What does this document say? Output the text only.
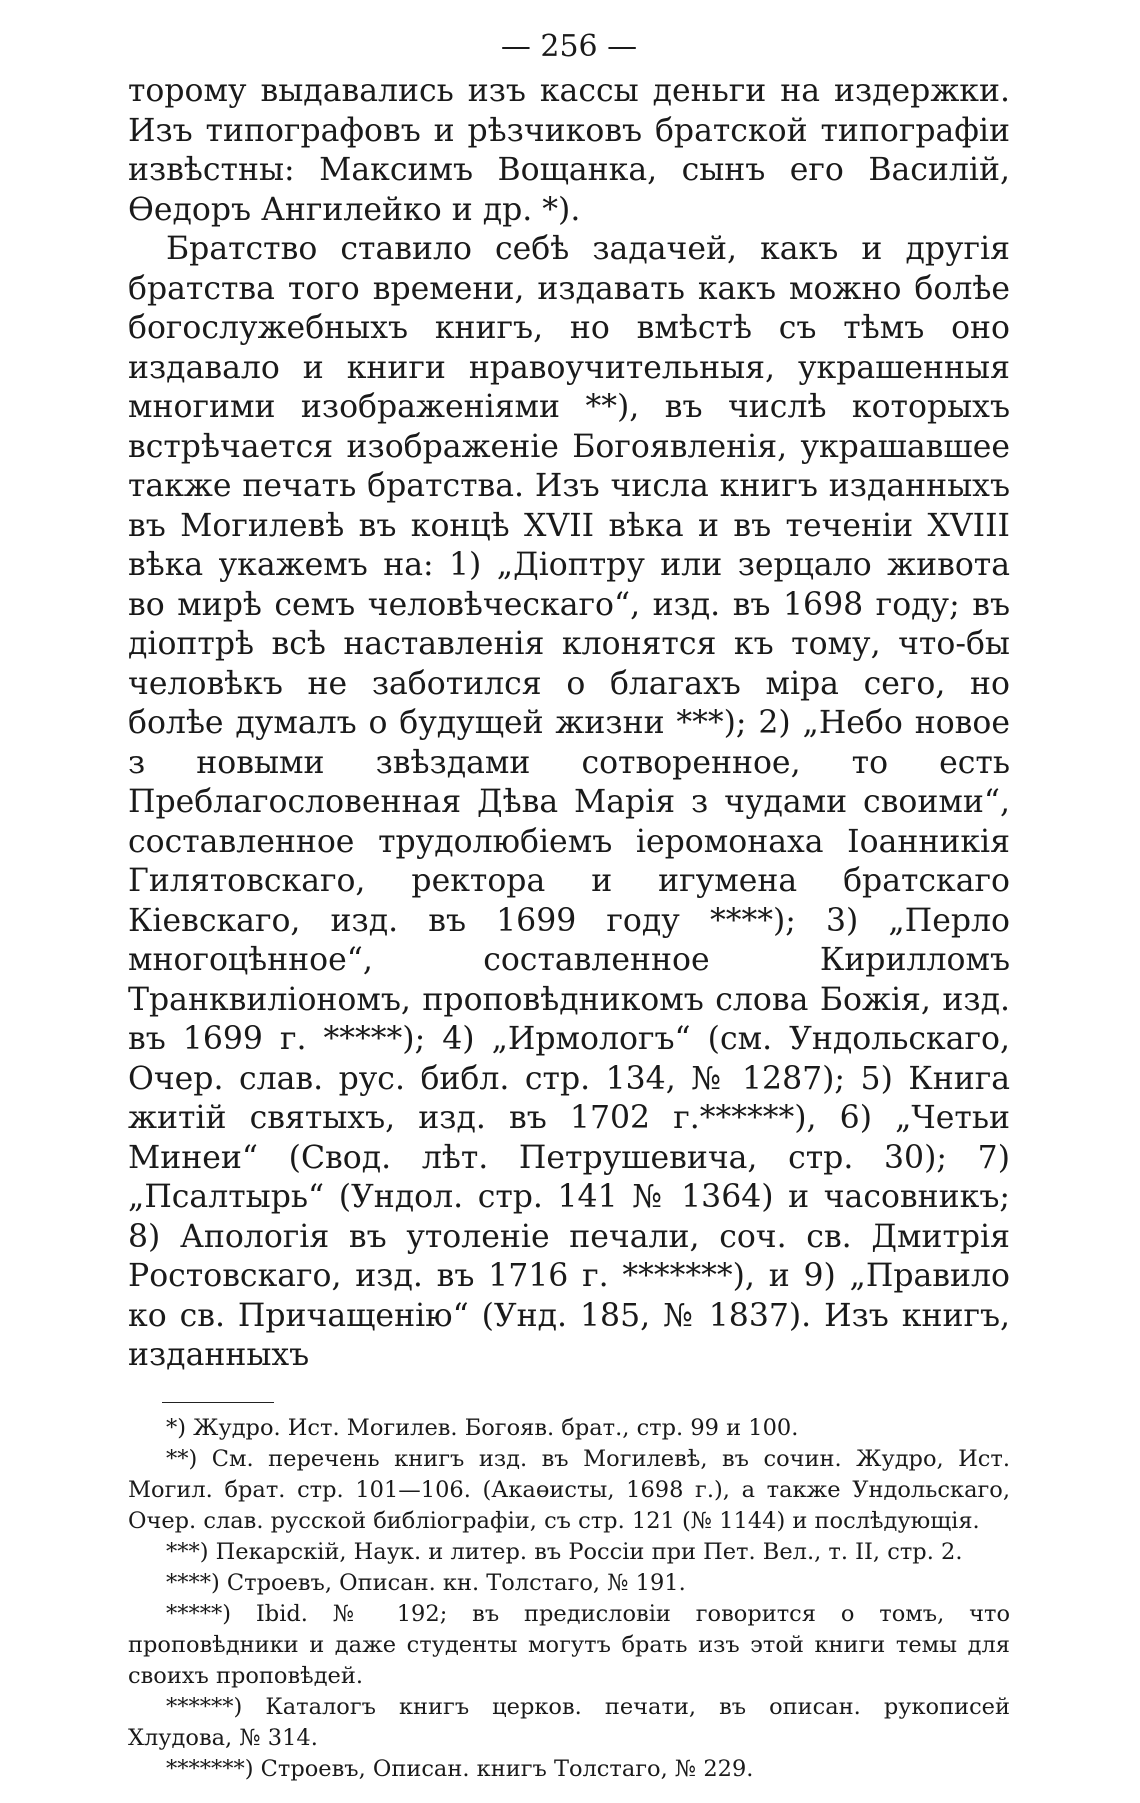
— 256 —

торому выдавались изъ кассы деньги на издержки. Изъ типографовъ и рѣзчиковъ братской типографіи извѣстны: Максимъ Вощанка, сынъ его Василій, Ѳедоръ Ангилейко и др. *).

Братство ставило себѣ задачей, какъ и другія братства того времени, издавать какъ можно болѣе богослужебныхъ книгъ, но вмѣстѣ съ тѣмъ оно издавало и книги нравоучительныя, украшенныя многими изображеніями **), въ числѣ которыхъ встрѣчается изображеніе Богоявленія, украшавшее также печать братства. Изъ числа книгъ изданныхъ въ Могилевѣ въ концѣ XVII вѣка и въ теченіи XVIII вѣка укажемъ на: 1) „Діоптру или зерцало живота во мирѣ семъ человѣческаго“, изд. въ 1698 году; въ діоптрѣ всѣ наставленія клонятся къ тому, что-бы человѣкъ не заботился о благахъ міра сего, но болѣе думалъ о будущей жизни ***); 2) „Небо новое з новыми звѣздами сотворенное, то есть Преблагословенная Дѣва Марія з чудами своими“, составленное трудолюбіемъ іеромонаха Іоанникія Гилятовскаго, ректора и игумена братскаго Кіевскаго, изд. въ 1699 году ****); 3) „Перло многоцѣнное“, составленное Кирилломъ Транквиліономъ, проповѣдникомъ слова Божія, изд. въ 1699 г. *****); 4) „Ирмологъ“ (см. Ундольскаго, Очер. слав. рус. библ. стр. 134, № 1287); 5) Книга житій святыхъ, изд. въ 1702 г.******), 6) „Четьи Минеи“ (Свод. лѣт. Петрушевича, стр. 30); 7) „Псалтырь“ (Ундол. стр. 141 № 1364) и часовникъ; 8) Апологія въ утоленіе печали, соч. св. Дмитрія Ростовскаго, изд. въ 1716 г. *******), и 9) „Правило ко св. Причащенію“ (Унд. 185, № 1837). Изъ книгъ, изданныхъ

*) Жудро. Ист. Могилев. Богояв. брат., стр. 99 и 100.

**) См. перечень книгъ изд. въ Могилевѣ, въ сочин. Жудро, Ист. Могил. брат. стр. 101—106. (Акаөисты, 1698 г.), а также Ундольскаго, Очер. слав. русской библіографіи, съ стр. 121 (№ 1144) и послѣдующія.

***) Пекарскій, Наук. и литер. въ Россіи при Пет. Вел., т. II, стр. 2.

****) Строевъ, Описан. кн. Толстаго, № 191.

*****) Ibid. № 192; въ предисловіи говорится о томъ, что проповѣдники и даже студенты могутъ брать изъ этой книги темы для своихъ проповѣдей.

******) Каталогъ книгъ церков. печати, въ описан. рукописей Хлудова, № 314.

*******) Строевъ, Описан. книгъ Толстаго, № 229.
